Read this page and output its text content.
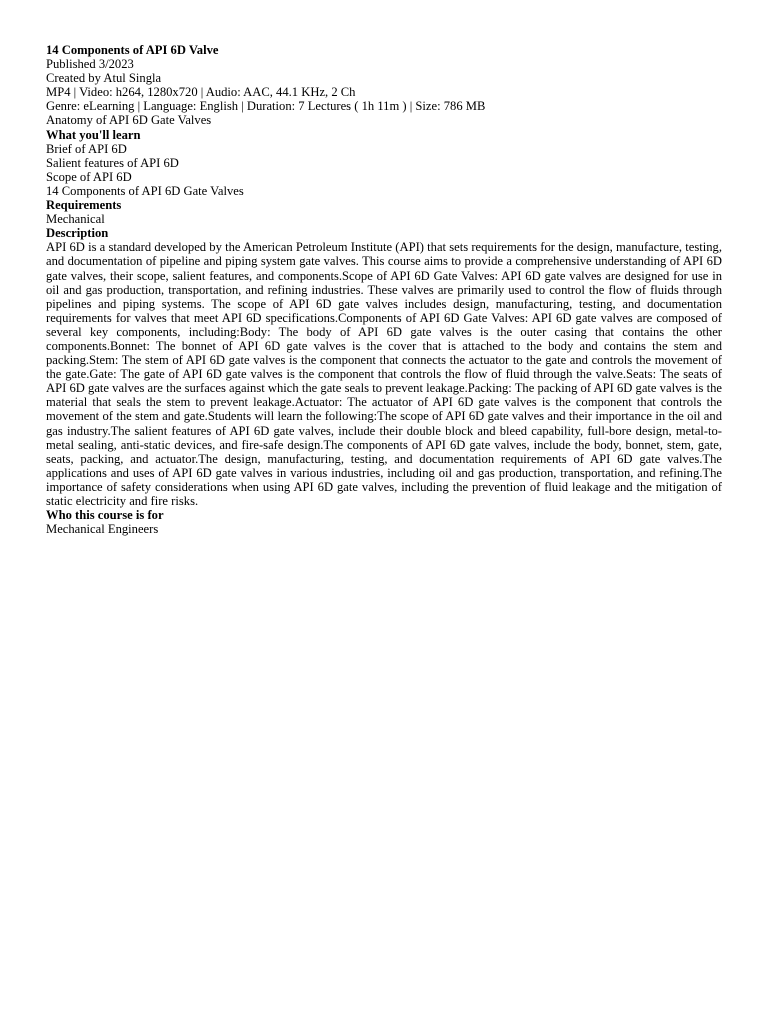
14 Components of API 6D Valve
Published 3/2023
Created by Atul Singla
MP4 | Video: h264, 1280x720 | Audio: AAC, 44.1 KHz, 2 Ch
Genre: eLearning | Language: English | Duration: 7 Lectures ( 1h 11m ) | Size: 786 MB
Anatomy of API 6D Gate Valves
What you'll learn
Brief of API 6D
Salient features of API 6D
Scope of API 6D
14 Components of API 6D Gate Valves
Requirements
Mechanical
Description
API 6D is a standard developed by the American Petroleum Institute (API) that sets requirements for the design, manufacture, testing, and documentation of pipeline and piping system gate valves. This course aims to provide a comprehensive understanding of API 6D gate valves, their scope, salient features, and components.Scope of API 6D Gate Valves: API 6D gate valves are designed for use in oil and gas production, transportation, and refining industries. These valves are primarily used to control the flow of fluids through pipelines and piping systems. The scope of API 6D gate valves includes design, manufacturing, testing, and documentation requirements for valves that meet API 6D specifications.Components of API 6D Gate Valves: API 6D gate valves are composed of several key components, including:Body: The body of API 6D gate valves is the outer casing that contains the other components.Bonnet: The bonnet of API 6D gate valves is the cover that is attached to the body and contains the stem and packing.Stem: The stem of API 6D gate valves is the component that connects the actuator to the gate and controls the movement of the gate.Gate: The gate of API 6D gate valves is the component that controls the flow of fluid through the valve.Seats: The seats of API 6D gate valves are the surfaces against which the gate seals to prevent leakage.Packing: The packing of API 6D gate valves is the material that seals the stem to prevent leakage.Actuator: The actuator of API 6D gate valves is the component that controls the movement of the stem and gate.Students will learn the following:The scope of API 6D gate valves and their importance in the oil and gas industry.The salient features of API 6D gate valves, include their double block and bleed capability, full-bore design, metal-to-metal sealing, anti-static devices, and fire-safe design.The components of API 6D gate valves, include the body, bonnet, stem, gate, seats, packing, and actuator.The design, manufacturing, testing, and documentation requirements of API 6D gate valves.The applications and uses of API 6D gate valves in various industries, including oil and gas production, transportation, and refining.The importance of safety considerations when using API 6D gate valves, including the prevention of fluid leakage and the mitigation of static electricity and fire risks.
Who this course is for
Mechanical Engineers
